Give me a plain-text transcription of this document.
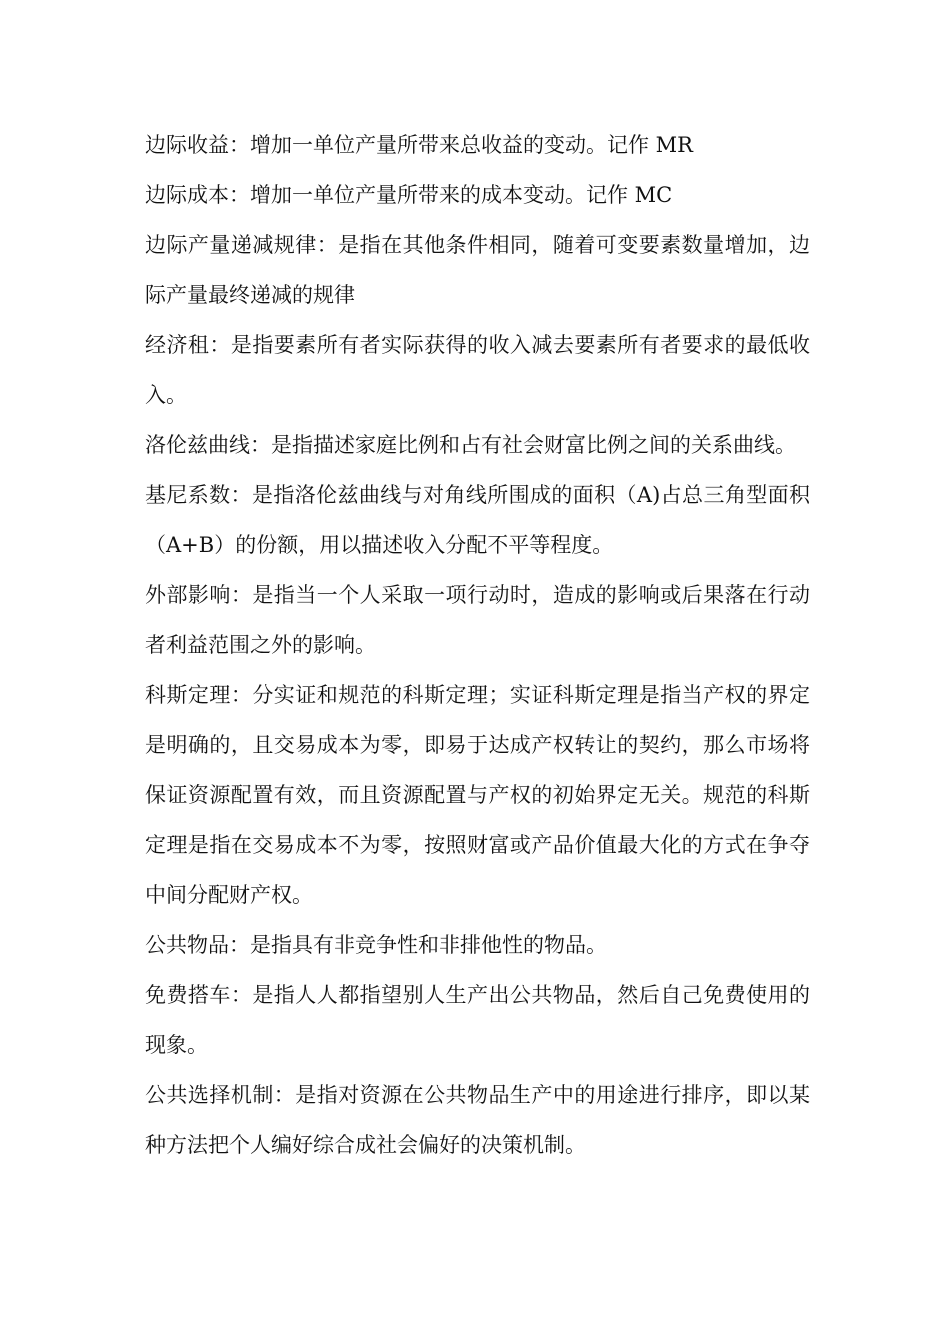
边际收益：增加一单位产量所带来总收益的变动。记作 MR

边际成本：增加一单位产量所带来的成本变动。记作 MC

边际产量递减规律：是指在其他条件相同，随着可变要素数量增加，边际产量最终递减的规律

经济租：是指要素所有者实际获得的收入减去要素所有者要求的最低收入。

洛伦兹曲线：是指描述家庭比例和占有社会财富比例之间的关系曲线。

基尼系数：是指洛伦兹曲线与对角线所围成的面积（A)占总三角型面积（A+B）的份额，用以描述收入分配不平等程度。

外部影响：是指当一个人采取一项行动时，造成的影响或后果落在行动者利益范围之外的影响。

科斯定理：分实证和规范的科斯定理；实证科斯定理是指当产权的界定是明确的，且交易成本为零，即易于达成产权转让的契约，那么市场将保证资源配置有效，而且资源配置与产权的初始界定无关。规范的科斯定理是指在交易成本不为零，按照财富或产品价值最大化的方式在争夺中间分配财产权。

公共物品：是指具有非竞争性和非排他性的物品。

免费搭车：是指人人都指望别人生产出公共物品，然后自己免费使用的现象。

公共选择机制：是指对资源在公共物品生产中的用途进行排序，即以某种方法把个人编好综合成社会偏好的决策机制。
